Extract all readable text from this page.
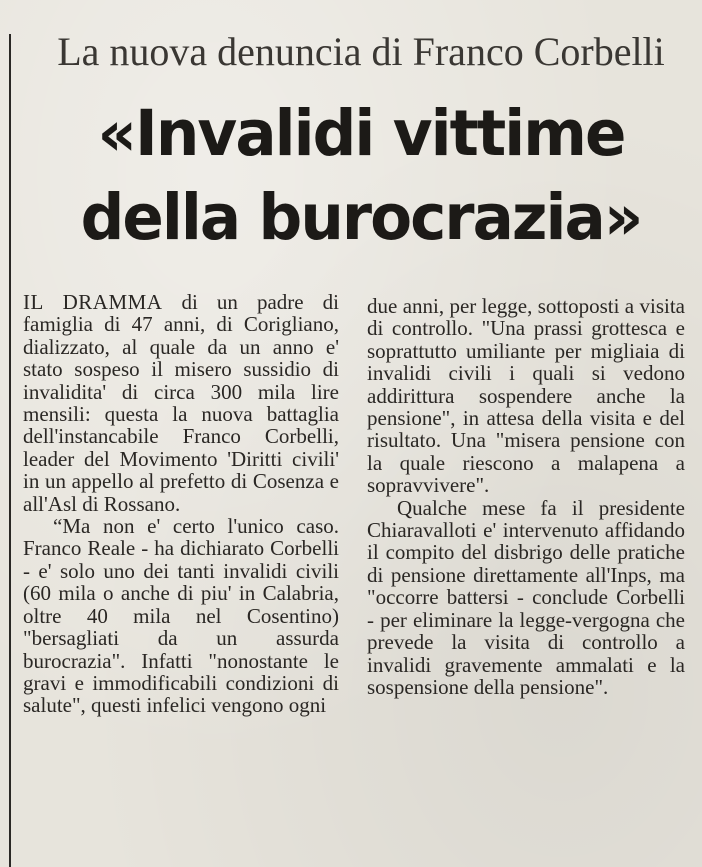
La nuova denuncia di Franco Corbelli
«Invalidi vittime
della burocrazia»

IL DRAMMA di un padre di famiglia di 47 anni, di Corigliano, dializzato, al quale da un anno e' stato sospeso il misero sussidio di invalidita' di circa 300 mila lire mensili: questa la nuova battaglia dell'instancabile Franco Corbelli, leader del Movimento 'Diritti civili' in un appello al prefetto di Cosenza e all'Asl di Rossano.

“Ma non e' certo l'unico caso. Franco Reale - ha dichiarato Corbelli - e' solo uno dei tanti invalidi civili (60 mila o anche di piu' in Calabria, oltre 40 mila nel Cosentino) "bersagliati da un assurda burocrazia". Infatti "nonostante le gravi e immodificabili condizioni di salute", questi infelici vengono ogni

due anni, per legge, sottoposti a visita di controllo. "Una prassi grottesca e soprattutto umiliante per migliaia di invalidi civili i quali si vedono addirittura sospendere anche la pensione", in attesa della visita e del risultato. Una "misera pensione con la quale riescono a malapena a sopravvivere".

Qualche mese fa il presidente Chiaravalloti e' intervenuto affidando il compito del disbrigo delle pratiche di pensione direttamente all'Inps, ma "occorre battersi - conclude Corbelli - per eliminare la legge-vergogna che prevede la visita di controllo a invalidi gravemente ammalati e la sospensione della pensione".
